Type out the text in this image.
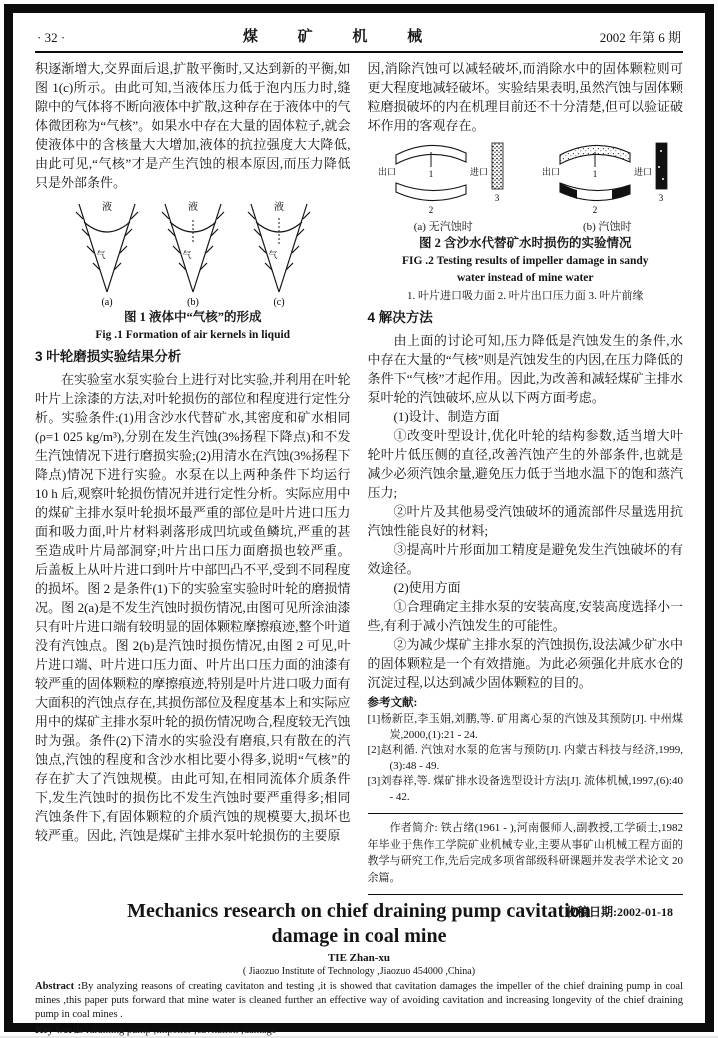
· 32 ·	煤 矿 机 械	2002 年第 6 期

积逐渐增大,交界面后退,扩散平衡时,又达到新的平衡,如图 1(c)所示。由此可知,当液体压力低于泡内压力时,缝隙中的气体将不断向液体中扩散,这种存在于液体中的气体微团称为“气核”。如果水中存在大量的固体粒子,就会使液体中的含核量大大增加,液体的抗拉强度大大降低,由此可见,“气核”才是产生汽蚀的根本原因,而压力降低只是外部条件。

液	液	液
气	气	气
(a)	(b)	(c)
图 1 液体中“气核”的形成
Fig .1 Formation of air kernels in liquid
3 叶轮磨损实验结果分析

在实验室水泵实验台上进行对比实验,并利用在叶轮叶片上涂漆的方法,对叶轮损伤的部位和程度进行定性分析。实验条件:(1)用含沙水代替矿水,其密度和矿水相同(ρ=1 025 kg/m³),分别在发生汽蚀(3%扬程下降点)和不发生汽蚀情况下进行磨损实验;(2)用清水在汽蚀(3%扬程下降点)情况下进行实验。水泵在以上两种条件下均运行 10 h 后,观察叶轮损伤情况并进行定性分析。实际应用中的煤矿主排水泵叶轮损坏最严重的部位是叶片进口压力面和吸力面,叶片材料剥落形成凹坑或鱼鳞坑,严重的甚至造成叶片局部洞穿;叶片出口压力面磨损也较严重。后盖板上从叶片进口到叶片中部凹凸不平,受到不同程度的损坏。图 2 是条件(1)下的实验室实验时叶轮的磨损情况。图 2(a)是不发生汽蚀时损伤情况,由图可见所涂油漆只有叶片进口端有较明显的固体颗粒摩擦痕迹,整个叶道没有汽蚀点。图 2(b)是汽蚀时损伤情况,由图 2 可见,叶片进口端、叶片进口压力面、叶片出口压力面的油漆有较严重的固体颗粒的摩擦痕迹,特别是叶片进口吸力面有大面积的汽蚀点存在,其损伤部位及程度基本上和实际应用中的煤矿主排水泵叶轮的损伤情况吻合,程度较无汽蚀时为强。条件(2)下清水的实验没有磨痕,只有散在的汽蚀点,汽蚀的程度和含沙水相比要小得多,说明“气核”的存在扩大了汽蚀规模。由此可知,在相同流体介质条件下,发生汽蚀时的损伤比不发生汽蚀时要严重得多;相同汽蚀条件下,有固体颗粒的介质汽蚀的规模要大,损坏也较严重。因此, 汽蚀是煤矿主排水泵叶轮损伤的主要原

因,消除汽蚀可以减轻破坏,而消除水中的固体颗粒则可更大程度地减轻破坏。实验结果表明,虽然汽蚀与固体颗粒磨损破坏的内在机理目前还不十分清楚,但可以验证破坏作用的客观存在。

出口	进口
1
2
3
(a) 无汽蚀时
出口	进口
1
2
3
(b) 汽蚀时
图 2 含沙水代替矿水时损伤的实验情况
FIG .2 Testing results of impeller damage in sandy
water instead of mine water
1. 叶片进口吸力面 2. 叶片出口压力面 3. 叶片前缘
4 解决方法

由上面的讨论可知,压力降低是汽蚀发生的条件,水中存在大量的“气核”则是汽蚀发生的内因,在压力降低的条件下“气核”才起作用。因此,为改善和减轻煤矿主排水泵叶轮的汽蚀破坏,应从以下两方面考虑。

(1)设计、制造方面

①改变叶型设计,优化叶轮的结构参数,适当增大叶轮叶片低压侧的直径,改善汽蚀产生的外部条件,也就是减少必须汽蚀余量,避免压力低于当地水温下的饱和蒸汽压力;

②叶片及其他易受汽蚀破坏的通流部件尽量选用抗汽蚀性能良好的材料;

③提高叶片形面加工精度是避免发生汽蚀破坏的有效途径。

(2)使用方面

①合理确定主排水泵的安装高度,安装高度选择小一些,有利于减小汽蚀发生的可能性。

②为减少煤矿主排水泵的汽蚀损伤,设法减少矿水中的固体颗粒是一个有效措施。为此必须强化井底水仓的沉淀过程,以达到减少固体颗粒的目的。

参考文献:

[1]杨新臣,李玉娟,刘鹏,等. 矿用离心泵的汽蚀及其预防[J]. 中州煤炭,2000,(1):21 - 24.

[2]赵利循. 汽蚀对水泵的危害与预防[J]. 内蒙古科技与经济,1999,(3):48 - 49.

[3]刘春祥,等. 煤矿排水设备选型设计方法[J]. 流体机械,1997,(6):40 - 42.

作者简介: 铁占绪(1961 - ),河南偃师人,副教授,工学硕士,1982 年毕业于焦作工学院矿业机械专业,主要从事矿山机械工程方面的教学与研究工作,先后完成多项省部级科研课题并发表学术论文 20 余篇。

收稿日期:2002-01-18
Mechanics research on chief draining pump cavitation
damage in coal mine
TIE Zhan-xu
( Jiaozuo Institute of Technology ,Jiaozuo 454000 ,China)

Abstract :By analyzing reasons of creating cavitaton and testing ,it is showed that cavitation damages the impeller of the chief draining pump in coal mines ,this paper puts forward that mine water is cleaned further an effective way of avoiding cavitation and increasing longevity of the chief draining pump in coal mines .

Key words :draining pump ;impeller ;cavitation ;damage
